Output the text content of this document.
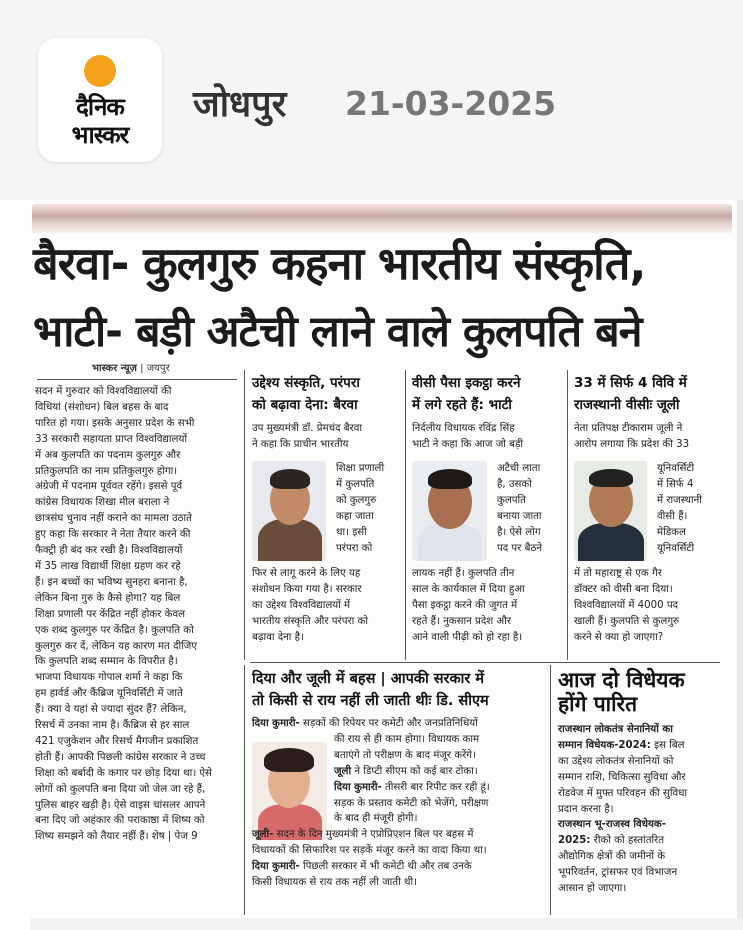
दैनिक
भास्कर
जोधपुर 21-03-2025
बैरवा- कुलगुरु कहना भारतीय संस्कृति,
भाटी- बड़ी अटैची लाने वाले कुलपति बने
भास्कर न्यूज़ | जयपुर
सदन में गुरुवार को विश्वविद्यालयों की
विधियां (संशोधन) बिल बहस के बाद
पारित हो गया। इसके अनुसार प्रदेश के सभी
33 सरकारी सहायता प्राप्त विश्वविद्यालयों
में अब कुलपति का पदनाम कुलगुरु और
प्रतिकुलपति का नाम प्रतिकुलगुरु होगा।
अंग्रेजी में पदनाम पूर्ववत रहेंगे। इससे पूर्व
कांग्रेस विधायक शिखा मील बराला ने
छात्रसंघ चुनाव नहीं कराने का मामला उठाते
हुए कहा कि सरकार ने नेता तैयार करने की
फैक्ट्री ही बंद कर रखी है। विश्वविद्यालयों
में 35 लाख विद्यार्थी शिक्षा ग्रहण कर रहे
हैं। इन बच्चों का भविष्य सुनहरा बनाना है,
लेकिन बिना गुरु के कैसे होगा? यह बिल
शिक्षा प्रणाली पर केंद्रित नहीं होकर केवल
एक शब्द कुलगुरु पर केंद्रित है। कुलपति को
कुलगुरु कर दें, लेकिन यह कारण मत दीजिए
कि कुलपति शब्द सम्मान के विपरीत है।
भाजपा विधायक गोपाल शर्मा ने कहा कि
हम हार्वर्ड और कैंब्रिज यूनिवर्सिटी में जाते
हैं। क्या वे यहां से ज्यादा सुंदर हैं? लेकिन,
रिसर्च में उनका नाम है। कैंब्रिज से हर साल
421 एजुकेशन और रिसर्च मैगजीन प्रकाशित
होती हैं। आपकी पिछली कांग्रेस सरकार ने उच्च
शिक्षा को बर्बादी के कगार पर छोड़ दिया था। ऐसे
लोगों को कुलपति बना दिया जो जेल जा रहे हैं,
पुलिस बाहर खड़ी है। ऐसे वाइस चांसलर आपने
बना दिए जो अहंकार की पराकाष्ठा में शिष्य को
शिष्य समझने को तैयार नहीं हैं। शेष | पेज 9
उद्देश्य संस्कृति, परंपरा
को बढ़ावा देना: बैरवा
उप मुख्यमंत्री डॉ. प्रेमचंद बैरवा
ने कहा कि प्राचीन भारतीय
शिक्षा प्रणाली
में कुलपति
को कुलगुरु
कहा जाता
था। इसी
परंपरा को
फिर से लागू करने के लिए यह
संशोधन किया गया है। सरकार
का उद्देश्य विश्वविद्यालयों में
भारतीय संस्कृति और परंपरा को
बढ़ावा देना है।
वीसी पैसा इकट्ठा करने
में लगे रहते हैं: भाटी
निर्दलीय विधायक रविंद्र सिंह
भाटी ने कहा कि आज जो बड़ी
अटैची लाता
है, उसको
कुलपति
बनाया जाता
है। ऐसे लोग
पद पर बैठने
लायक नहीं हैं। कुलपति तीन
साल के कार्यकाल में दिया हुआ
पैसा इकट्ठा करने की जुगत में
रहते हैं। नुकसान प्रदेश और
आने वाली पीढ़ी को हो रहा है।
33 में सिर्फ 4 विवि में
राजस्थानी वीसीः जूली
नेता प्रतिपक्ष टीकाराम जूली ने
आरोप लगाया कि प्रदेश की 33
यूनिवर्सिटी
में सिर्फ 4
में राजस्थानी
वीसी हैं।
मेडिकल
यूनिवर्सिटी
में तो महाराष्ट्र से एक गैर
डॉक्टर को वीसी बना दिया।
विश्वविद्यालयों में 4000 पद
खाली हैं। कुलपति से कुलगुरु
करने से क्या हो जाएगा?
दिया और जूली में बहस | आपकी सरकार में
तो किसी से राय नहीं ली जाती थीः डि. सीएम
दिया कुमारी- सड़कों की रिपेयर पर कमेटी और जनप्रतिनिधियों
की राय से ही काम होगा। विधायक काम
बताएंगे तो परीक्षण के बाद मंजूर करेंगे।
जूली ने डिप्टी सीएम को कई बार टोका।
दिया कुमारी- तीसरी बार रिपीट कर रही हूं।
सड़क के प्रस्ताव कमेटी को भेजेंगे, परीक्षण
के बाद ही मंजूरी होगी।
जूली- सदन के दिन मुख्यमंत्री ने एप्रोप्रिएशन बिल पर बहस में
विधायकों की सिफारिश पर सड़कें मंजूर करने का वादा किया था।
दिया कुमारी- पिछली सरकार में भी कमेटी थी और तब उनके
किसी विधायक से राय तक नहीं ली जाती थी।
आज दो विधेयक
होंगे पारित
राजस्थान लोकतंत्र सेनानियों का
सम्मान विधेयक-2024: इस बिल
का उद्देश्य लोकतंत्र सेनानियों को
सम्मान राशि, चिकित्सा सुविधा और
रोडवेज में मुफ्त परिवहन की सुविधा
प्रदान करना है।
राजस्थान भू-राजस्व विधेयक-
2025: रीको को हस्तांतरित
औद्योगिक क्षेत्रों की जमीनों के
भूपरिवर्तन, ट्रांसफर एवं विभाजन
आसान हो जाएगा।
